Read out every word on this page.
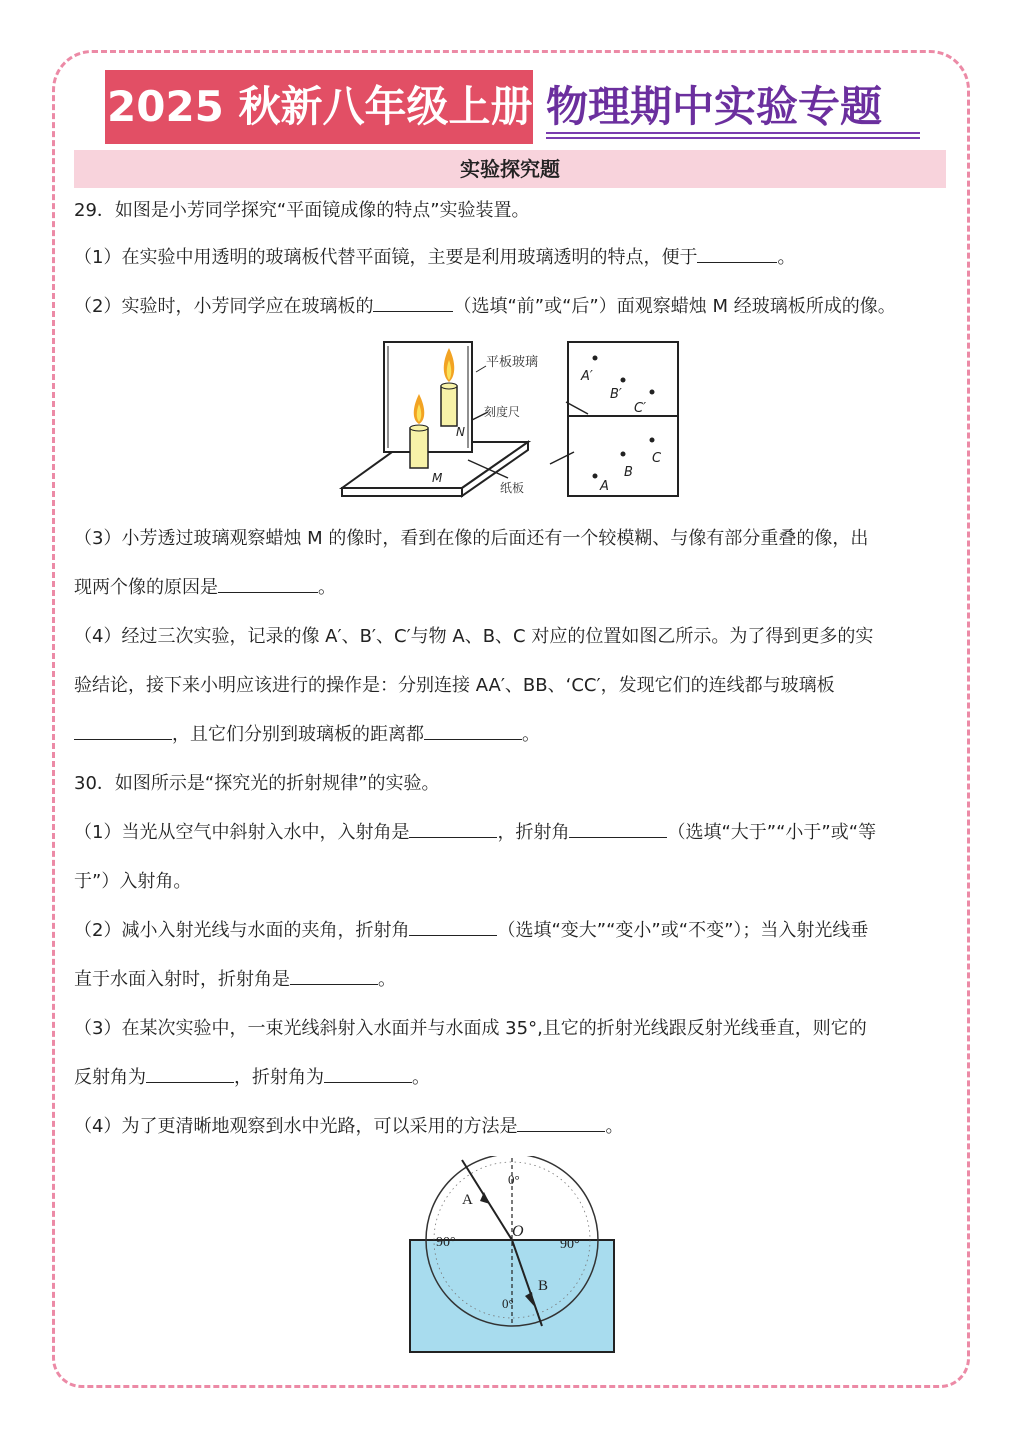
2025 秋新八年级上册 物理期中实验专题
实验探究题
29．如图是小芳同学探究“平面镜成像的特点”实验装置。
（1）在实验中用透明的玻璃板代替平面镜，主要是利用玻璃透明的特点，便于	。
（2）实验时，小芳同学应在玻璃板的	（选填“前”或“后”）面观察蜡烛 M 经玻璃板所成的像。
平板玻璃
刻度尺
纸板
N
M
A′
B′
C′
A
B
C
（3）小芳透过玻璃观察蜡烛 M 的像时，看到在像的后面还有一个较模糊、与像有部分重叠的像，出
现两个像的原因是	。
（4）经过三次实验，记录的像 A′、B′、C′与物 A、B、C 对应的位置如图乙所示。为了得到更多的实
验结论，接下来小明应该进行的操作是：分别连接 AA′、BB、‘CC′，发现它们的连线都与玻璃板
，且它们分别到玻璃板的距离都	。
30．如图所示是“探究光的折射规律”的实验。
（1）当光从空气中斜射入水中，入射角是	，折射角	（选填“大于”“小于”或“等
于”）入射角。
（2）减小入射光线与水面的夹角，折射角	（选填“变大”“变小”或“不变”）；当入射光线垂
直于水面入射时，折射角是	。
（3）在某次实验中，一束光线斜射入水面并与水面成 35°,且它的折射光线跟反射光线垂直，则它的
反射角为	，折射角为	。
（4）为了更清晰地观察到水中光路，可以采用的方法是	。
A
B
O
0°
0°
90°	90°
